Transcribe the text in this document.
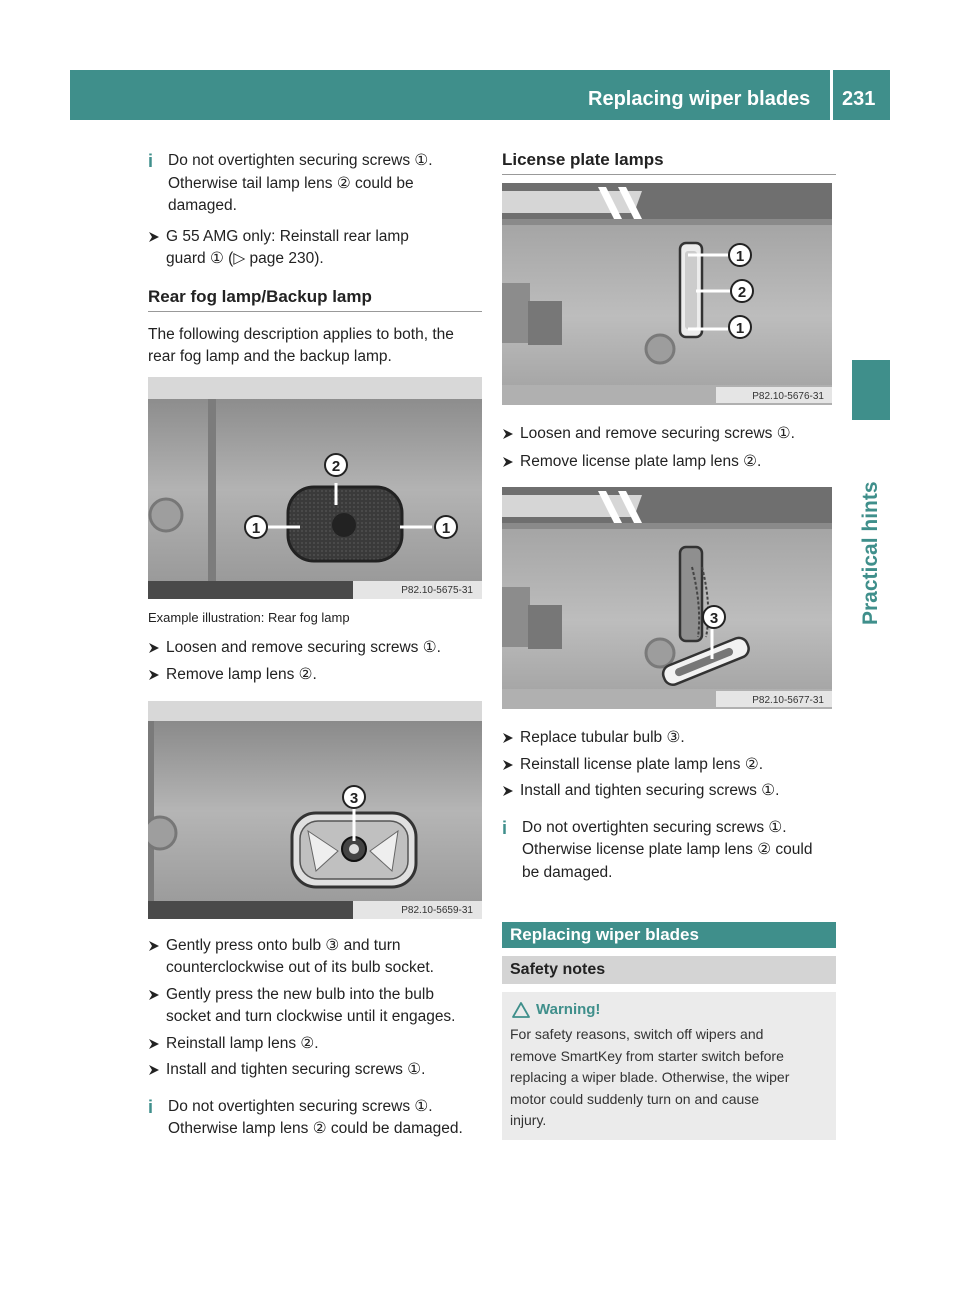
Replacing wiper blades	231
Practical hints
i Do not overtighten securing screws ①.

Otherwise tail lamp lens ② could be

damaged.

G 55 AMG only: Reinstall rear lamp

guard ① (▷ page 230).

Rear fog lamp/Backup lamp

The following description applies to both, the

rear fog lamp and the backup lamp.

2
1	1
P82.10-5675-31

Example illustration: Rear fog lamp

Loosen and remove securing screws ①.

Remove lamp lens ②.

3
P82.10-5659-31

Gently press onto bulb ③ and turn

counterclockwise out of its bulb socket.

Gently press the new bulb into the bulb

socket and turn clockwise until it engages.

Reinstall lamp lens ②.

Install and tighten securing screws ①.

i Do not overtighten securing screws ①.

Otherwise lamp lens ② could be damaged.

License plate lamps
1
2
1
P82.10-5676-31

Loosen and remove securing screws ①.

Remove license plate lamp lens ②.

3
P82.10-5677-31

Replace tubular bulb ③.

Reinstall license plate lamp lens ②.

Install and tighten securing screws ①.

i Do not overtighten securing screws ①.

Otherwise license plate lamp lens ② could

be damaged.

Replacing wiper blades
Safety notes
Warning!
For safety reasons, switch off wipers and
remove SmartKey from starter switch before
replacing a wiper blade. Otherwise, the wiper
motor could suddenly turn on and cause
injury.
